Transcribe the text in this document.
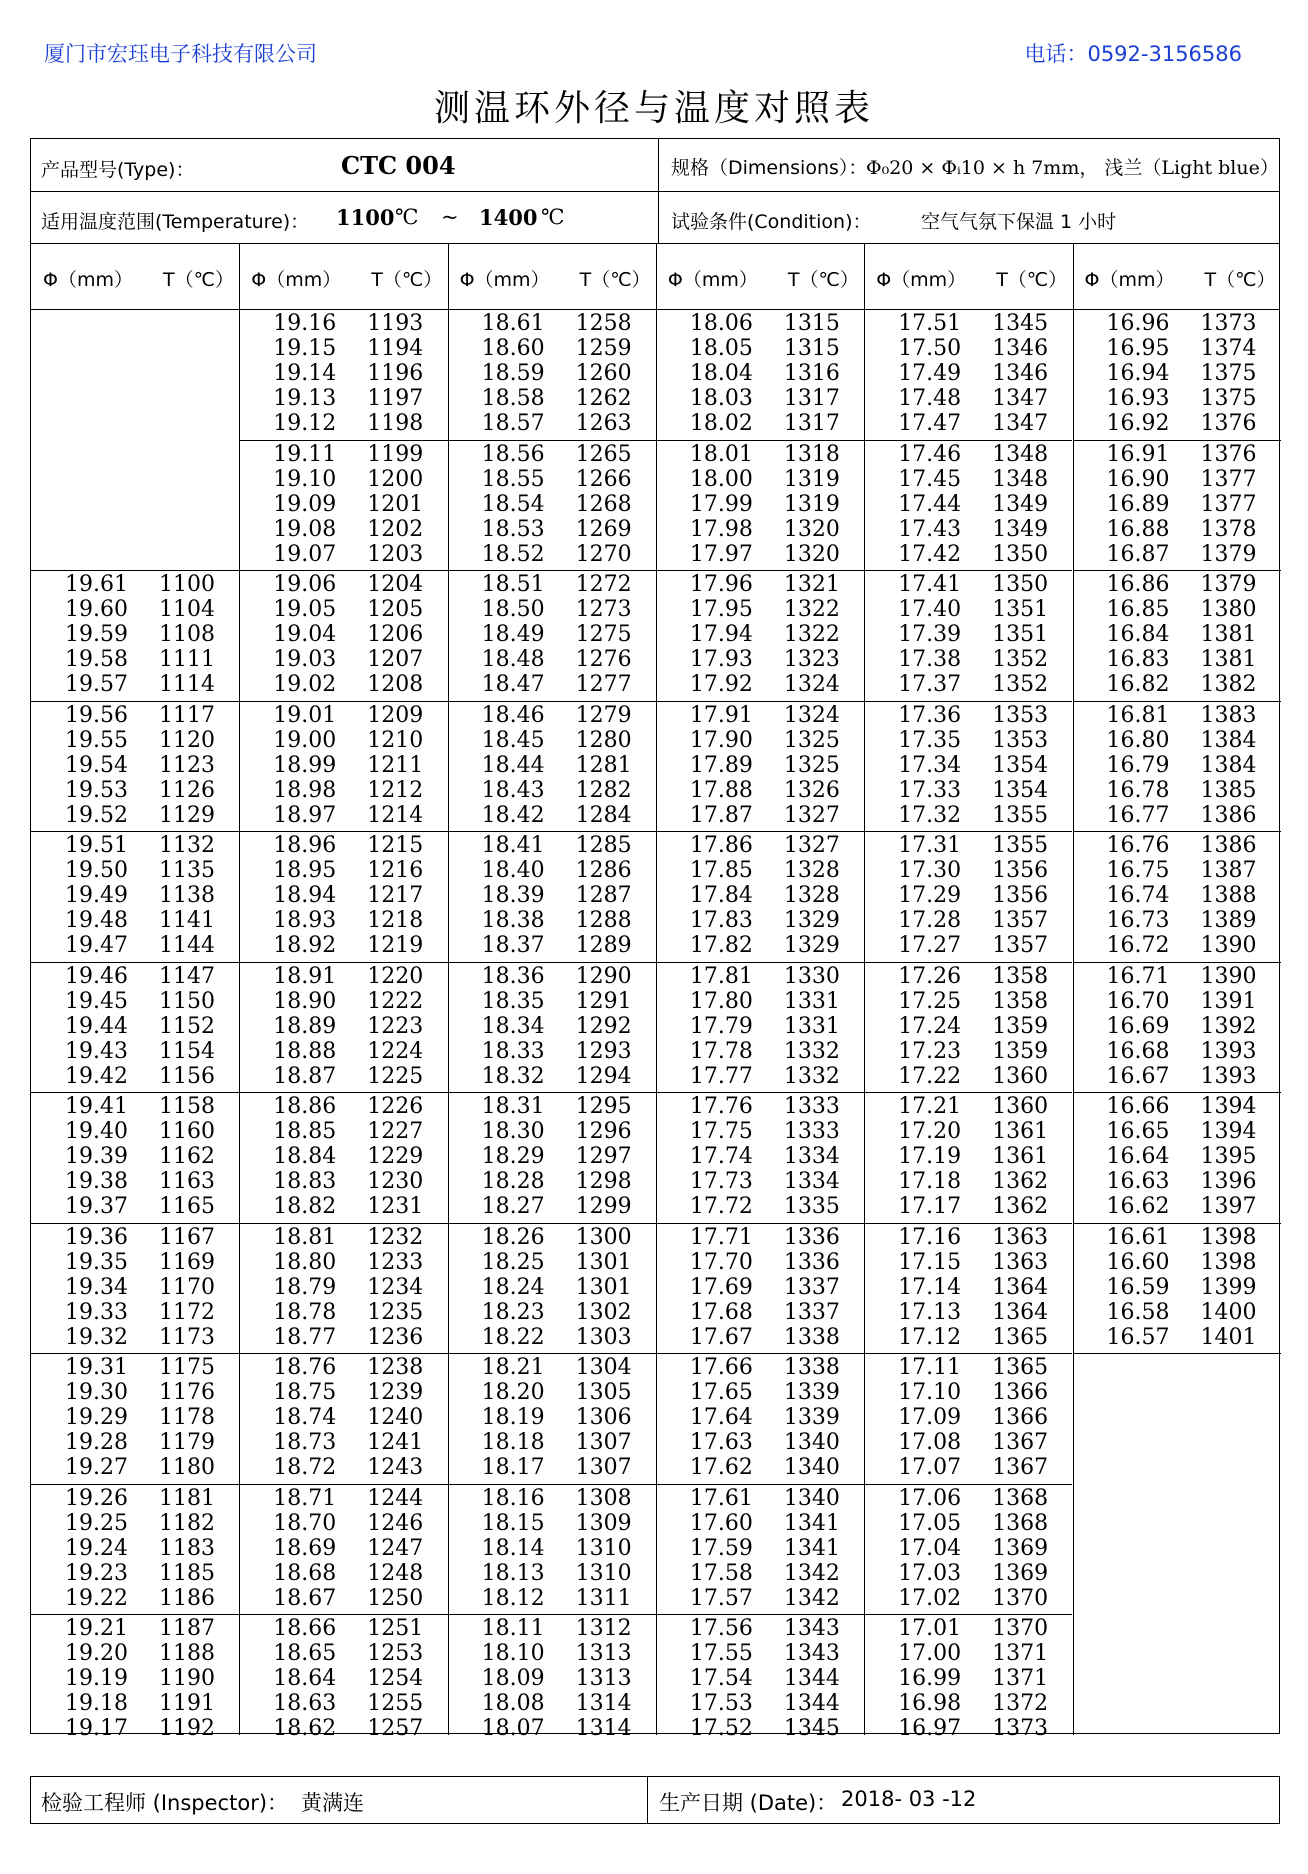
厦门市宏珏电子科技有限公司	电话：0592-3156586
测温环外径与温度对照表
产品型号(Type)：	CTC 004	规格（Dimensions）：
Φ₀20 × Φᵢ10 × h 7mm， 浅兰（Light blue）
适用温度范围(Temperature)： 1100 ℃ ~ 1400 ℃	试验条件(Condition)：	空气气氛下保温 1 小时
Φ（mm） T（℃）
19.61 1100
19.60 1104
19.59 1108
19.58 1111
19.57 1114
19.56 1117
19.55 1120
19.54 1123
19.53 1126
19.52 1129
19.51 1132
19.50 1135
19.49 1138
19.48 1141
19.47 1144
19.46 1147
19.45 1150
19.44 1152
19.43 1154
19.42 1156
19.41 1158
19.40 1160
19.39 1162
19.38 1163
19.37 1165
19.36 1167
19.35 1169
19.34 1170
19.33 1172
19.32 1173
19.31 1175
19.30 1176
19.29 1178
19.28 1179
19.27 1180
19.26 1181
19.25 1182
19.24 1183
19.23 1185
19.22 1186
19.21 1187
19.20 1188
19.19 1190
19.18 1191
19.17 1192
Φ（mm） T（℃）
19.16 1193
19.15 1194
19.14 1196
19.13 1197
19.12 1198
19.11 1199
19.10 1200
19.09 1201
19.08 1202
19.07 1203
19.06 1204
19.05 1205
19.04 1206
19.03 1207
19.02 1208
19.01 1209
19.00 1210
18.99 1211
18.98 1212
18.97 1214
18.96 1215
18.95 1216
18.94 1217
18.93 1218
18.92 1219
18.91 1220
18.90 1222
18.89 1223
18.88 1224
18.87 1225
18.86 1226
18.85 1227
18.84 1229
18.83 1230
18.82 1231
18.81 1232
18.80 1233
18.79 1234
18.78 1235
18.77 1236
18.76 1238
18.75 1239
18.74 1240
18.73 1241
18.72 1243
18.71 1244
18.70 1246
18.69 1247
18.68 1248
18.67 1250
18.66 1251
18.65 1253
18.64 1254
18.63 1255
18.62 1257
Φ（mm） T（℃）
18.61 1258
18.60 1259
18.59 1260
18.58 1262
18.57 1263
18.56 1265
18.55 1266
18.54 1268
18.53 1269
18.52 1270
18.51 1272
18.50 1273
18.49 1275
18.48 1276
18.47 1277
18.46 1279
18.45 1280
18.44 1281
18.43 1282
18.42 1284
18.41 1285
18.40 1286
18.39 1287
18.38 1288
18.37 1289
18.36 1290
18.35 1291
18.34 1292
18.33 1293
18.32 1294
18.31 1295
18.30 1296
18.29 1297
18.28 1298
18.27 1299
18.26 1300
18.25 1301
18.24 1301
18.23 1302
18.22 1303
18.21 1304
18.20 1305
18.19 1306
18.18 1307
18.17 1307
18.16 1308
18.15 1309
18.14 1310
18.13 1310
18.12 1311
18.11 1312
18.10 1313
18.09 1313
18.08 1314
18.07 1314
Φ（mm） T（℃）
18.06 1315
18.05 1315
18.04 1316
18.03 1317
18.02 1317
18.01 1318
18.00 1319
17.99 1319
17.98 1320
17.97 1320
17.96 1321
17.95 1322
17.94 1322
17.93 1323
17.92 1324
17.91 1324
17.90 1325
17.89 1325
17.88 1326
17.87 1327
17.86 1327
17.85 1328
17.84 1328
17.83 1329
17.82 1329
17.81 1330
17.80 1331
17.79 1331
17.78 1332
17.77 1332
17.76 1333
17.75 1333
17.74 1334
17.73 1334
17.72 1335
17.71 1336
17.70 1336
17.69 1337
17.68 1337
17.67 1338
17.66 1338
17.65 1339
17.64 1339
17.63 1340
17.62 1340
17.61 1340
17.60 1341
17.59 1341
17.58 1342
17.57 1342
17.56 1343
17.55 1343
17.54 1344
17.53 1344
17.52 1345
Φ（mm） T（℃）
17.51 1345
17.50 1346
17.49 1346
17.48 1347
17.47 1347
17.46 1348
17.45 1348
17.44 1349
17.43 1349
17.42 1350
17.41 1350
17.40 1351
17.39 1351
17.38 1352
17.37 1352
17.36 1353
17.35 1353
17.34 1354
17.33 1354
17.32 1355
17.31 1355
17.30 1356
17.29 1356
17.28 1357
17.27 1357
17.26 1358
17.25 1358
17.24 1359
17.23 1359
17.22 1360
17.21 1360
17.20 1361
17.19 1361
17.18 1362
17.17 1362
17.16 1363
17.15 1363
17.14 1364
17.13 1364
17.12 1365
17.11 1365
17.10 1366
17.09 1366
17.08 1367
17.07 1367
17.06 1368
17.05 1368
17.04 1369
17.03 1369
17.02 1370
17.01 1370
17.00 1371
16.99 1371
16.98 1372
16.97 1373
Φ（mm） T（℃）
16.96 1373
16.95 1374
16.94 1375
16.93 1375
16.92 1376
16.91 1376
16.90 1377
16.89 1377
16.88 1378
16.87 1379
16.86 1379
16.85 1380
16.84 1381
16.83 1381
16.82 1382
16.81 1383
16.80 1384
16.79 1384
16.78 1385
16.77 1386
16.76 1386
16.75 1387
16.74 1388
16.73 1389
16.72 1390
16.71 1390
16.70 1391
16.69 1392
16.68 1393
16.67 1393
16.66 1394
16.65 1394
16.64 1395
16.63 1396
16.62 1397
16.61 1398
16.60 1398
16.59 1399
16.58 1400
16.57 1401
检验工程师 (Inspector)： 黄满连	生产日期 (Date)： 2018- 03 -12
